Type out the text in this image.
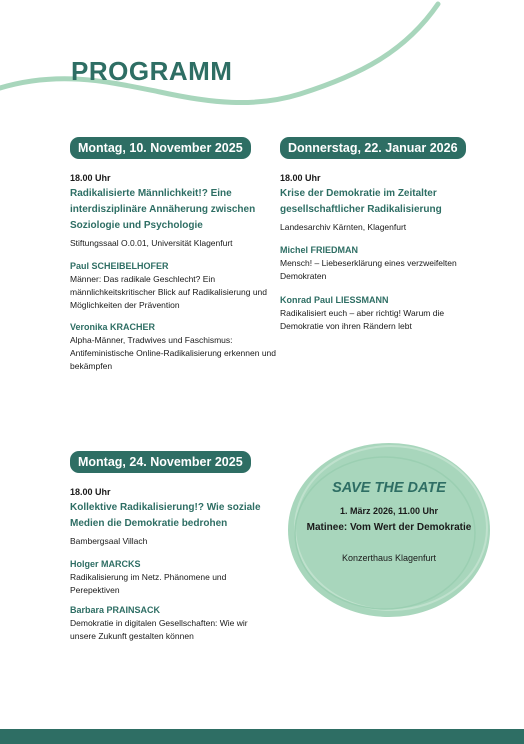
PROGRAMM
Montag, 10. November 2025
18.00 Uhr
Radikalisierte Männlichkeit!? Eine interdisziplinäre Annäherung zwischen Soziologie und Psychologie
Stiftungssaal O.0.01, Universität Klagenfurt
Paul SCHEIBELHOFER
Männer: Das radikale Geschlecht? Ein männlichkeitskritischer Blick auf Radikalisierung und Möglichkeiten der Prävention
Veronika KRACHER
Alpha-Männer, Tradwives und Faschismus: Antifeministische Online-Radikalisierung erkennen und bekämpfen
Montag, 24. November 2025
18.00 Uhr
Kollektive Radikalisierung!? Wie soziale Medien die Demokratie bedrohen
Bambergsaal Villach
Holger MARCKS
Radikalisierung im Netz. Phänomene und Perepektiven
Barbara PRAINSACK
Demokratie in digitalen Gesellschaften: Wie wir unsere Zukunft gestalten können
Donnerstag, 22. Januar 2026
18.00 Uhr
Krise der Demokratie im Zeitalter gesellschaftlicher Radikalisierung
Landesarchiv Kärnten, Klagenfurt
Michel FRIEDMAN
Mensch! – Liebeserklärung eines verzweifelten Demokraten
Konrad Paul LIESSMANN
Radikalisiert euch – aber richtig! Warum die Demokratie von ihren Rändern lebt
SAVE THE DATE
1. März 2026, 11.00 Uhr
Matinee: Vom Wert der Demokratie
Konzerthaus Klagenfurt
